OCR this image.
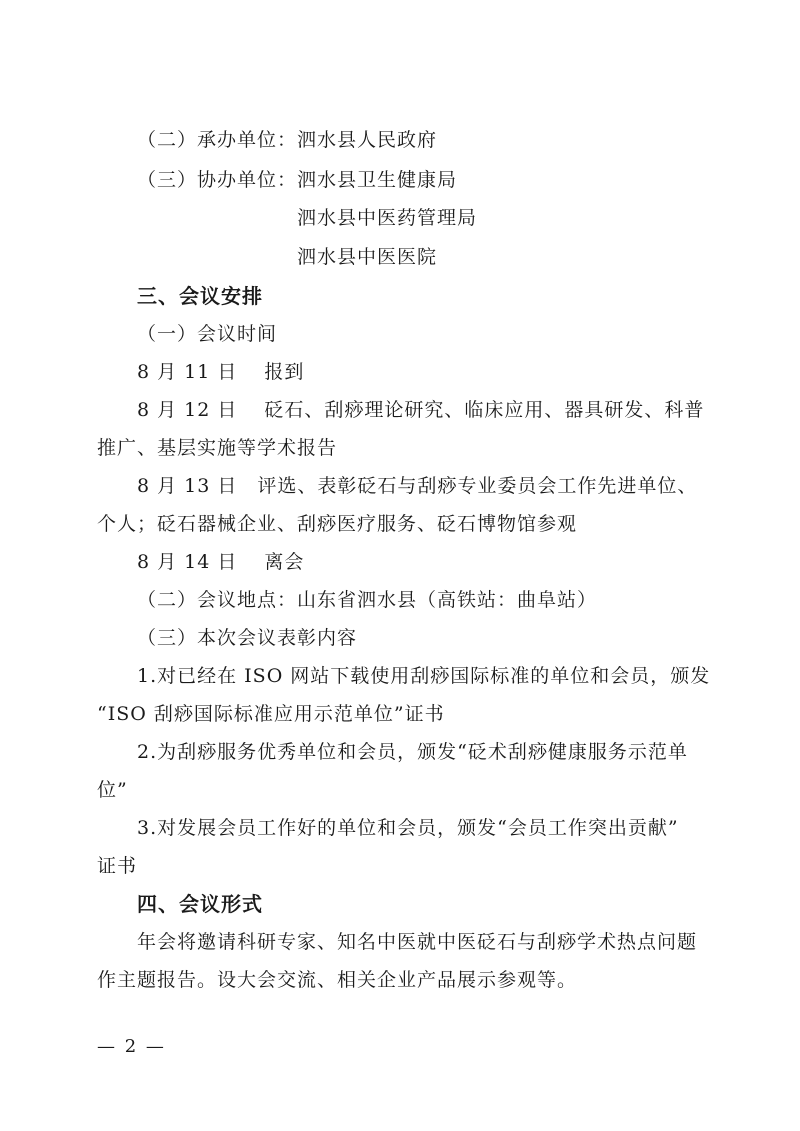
（二）承办单位：泗水县人民政府
（三）协办单位：泗水县卫生健康局
泗水县中医药管理局
泗水县中医医院
三、会议安排
（一）会议时间
8 月 11 日　 报到
8 月 12 日　 砭石、刮痧理论研究、临床应用、器具研发、科普
推广、基层实施等学术报告
8 月 13 日　评选、表彰砭石与刮痧专业委员会工作先进单位、
个人；砭石器械企业、刮痧医疗服务、砭石博物馆参观
8 月 14 日　 离会
（二）会议地点：山东省泗水县（高铁站：曲阜站）
（三）本次会议表彰内容
1.对已经在 ISO 网站下载使用刮痧国际标准的单位和会员，颁发
“ISO 刮痧国际标准应用示范单位”证书
2.为刮痧服务优秀单位和会员，颁发“砭术刮痧健康服务示范单
位”
3.对发展会员工作好的单位和会员，颁发“会员工作突出贡献”
证书
四、会议形式
年会将邀请科研专家、知名中医就中医砭石与刮痧学术热点问题
作主题报告。设大会交流、相关企业产品展示参观等。
— 2 —
